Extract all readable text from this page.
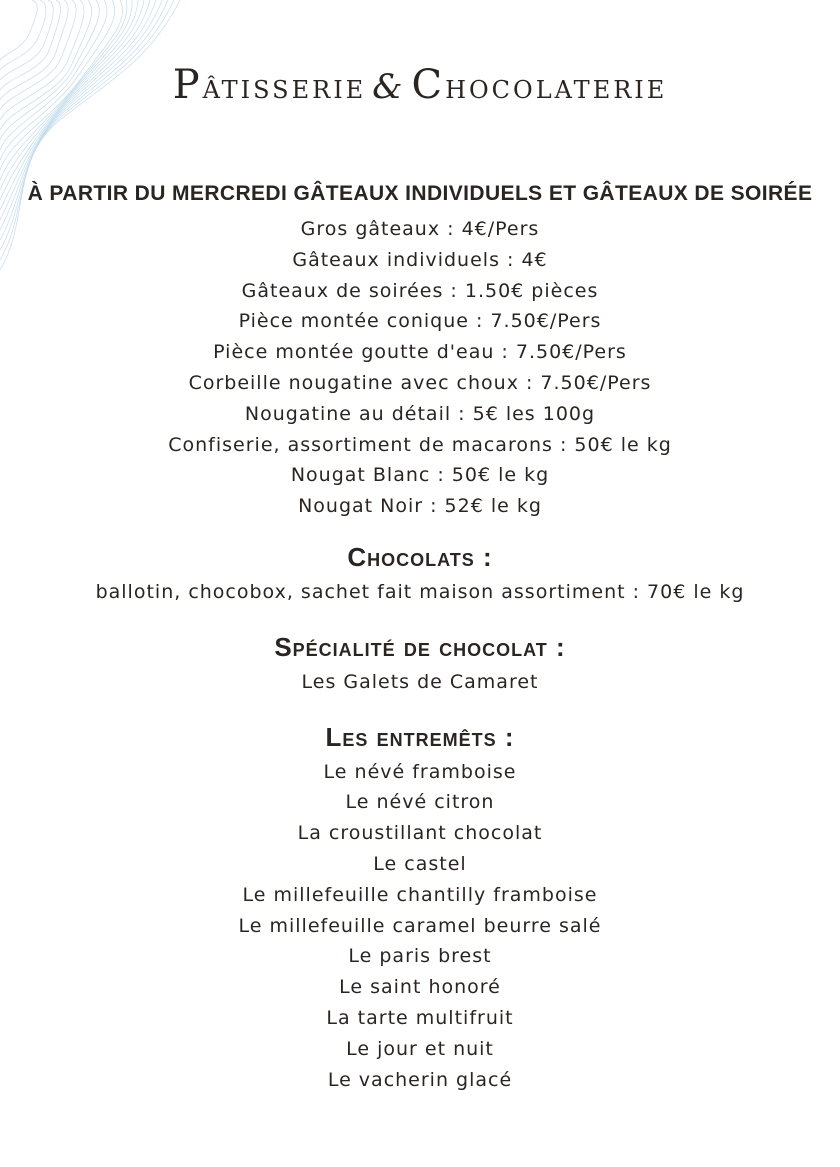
Pâtisserie & Chocolaterie
À PARTIR DU MERCREDI GÂTEAUX INDIVIDUELS ET GÂTEAUX DE SOIRÉE
Gros gâteaux : 4€/Pers
Gâteaux individuels : 4€
Gâteaux de soirées : 1.50€ pièces
Pièce montée conique : 7.50€/Pers
Pièce montée goutte d'eau : 7.50€/Pers
Corbeille nougatine avec choux : 7.50€/Pers
Nougatine au détail : 5€ les 100g
Confiserie, assortiment de macarons : 50€ le kg
Nougat Blanc : 50€ le kg
Nougat Noir : 52€ le kg
Chocolats :
ballotin, chocobox, sachet fait maison assortiment : 70€ le kg
Spécialité de chocolat :
Les Galets de Camaret
Les entremêts :
Le névé framboise
Le névé citron
La croustillant chocolat
Le castel
Le millefeuille chantilly framboise
Le millefeuille caramel beurre salé
Le paris brest
Le saint honoré
La tarte multifruit
Le jour et nuit
Le vacherin glacé
